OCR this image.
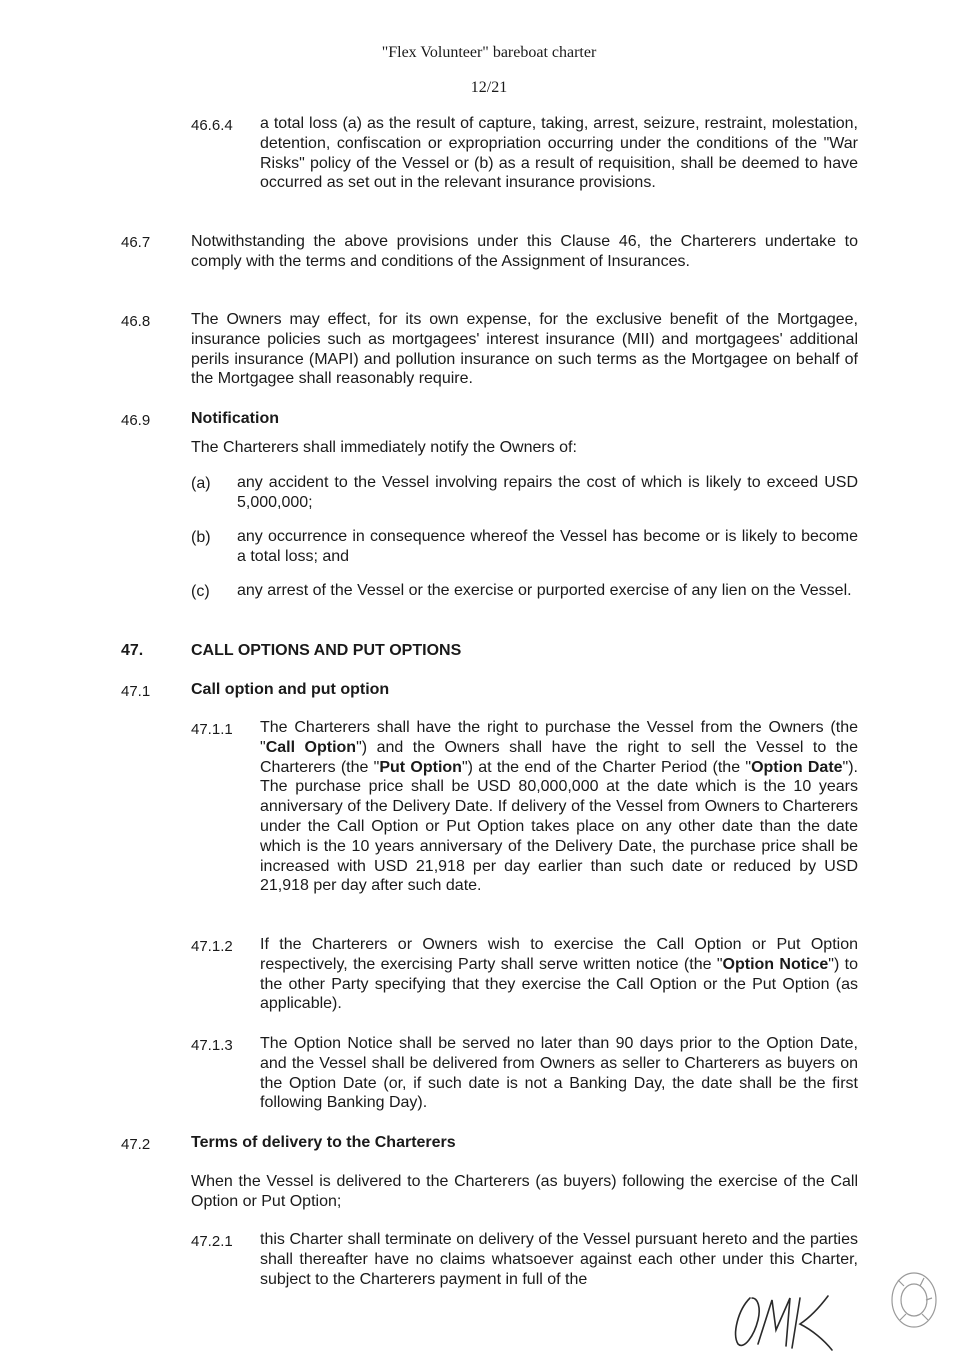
"Flex Volunteer" bareboat charter
12/21
46.6.4 a total loss (a) as the result of capture, taking, arrest, seizure, restraint, molestation, detention, confiscation or expropriation occurring under the conditions of the "War Risks" policy of the Vessel or (b) as a result of requisition, shall be deemed to have occurred as set out in the relevant insurance provisions.
46.7	Notwithstanding the above provisions under this Clause 46, the Charterers undertake to comply with the terms and conditions of the Assignment of Insurances.
46.8	The Owners may effect, for its own expense, for the exclusive benefit of the Mortgagee, insurance policies such as mortgagees' interest insurance (MII) and mortgagees' additional perils insurance (MAPI) and pollution insurance on such terms as the Mortgagee on behalf of the Mortgagee shall reasonably require.
46.9	Notification
The Charterers shall immediately notify the Owners of:
(a) any accident to the Vessel involving repairs the cost of which is likely to exceed USD 5,000,000;
(b) any occurrence in consequence whereof the Vessel has become or is likely to become a total loss; and
(c) any arrest of the Vessel or the exercise or purported exercise of any lien on the Vessel.
47.	CALL OPTIONS AND PUT OPTIONS
47.1	Call option and put option
47.1.1 The Charterers shall have the right to purchase the Vessel from the Owners (the "Call Option") and the Owners shall have the right to sell the Vessel to the Charterers (the "Put Option") at the end of the Charter Period (the "Option Date"). The purchase price shall be USD 80,000,000 at the date which is the 10 years anniversary of the Delivery Date. If delivery of the Vessel from Owners to Charterers under the Call Option or Put Option takes place on any other date than the date which is the 10 years anniversary of the Delivery Date, the purchase price shall be increased with USD 21,918 per day earlier than such date or reduced by USD 21,918 per day after such date.
47.1.2 If the Charterers or Owners wish to exercise the Call Option or Put Option respectively, the exercising Party shall serve written notice (the "Option Notice") to the other Party specifying that they exercise the Call Option or the Put Option (as applicable).
47.1.3 The Option Notice shall be served no later than 90 days prior to the Option Date, and the Vessel shall be delivered from Owners as seller to Charterers as buyers on the Option Date (or, if such date is not a Banking Day, the date shall be the first following Banking Day).
47.2	Terms of delivery to the Charterers
When the Vessel is delivered to the Charterers (as buyers) following the exercise of the Call Option or Put Option;
47.2.1 this Charter shall terminate on delivery of the Vessel pursuant hereto and the parties shall thereafter have no claims whatsoever against each other under this Charter, subject to the Charterers payment in full of the
